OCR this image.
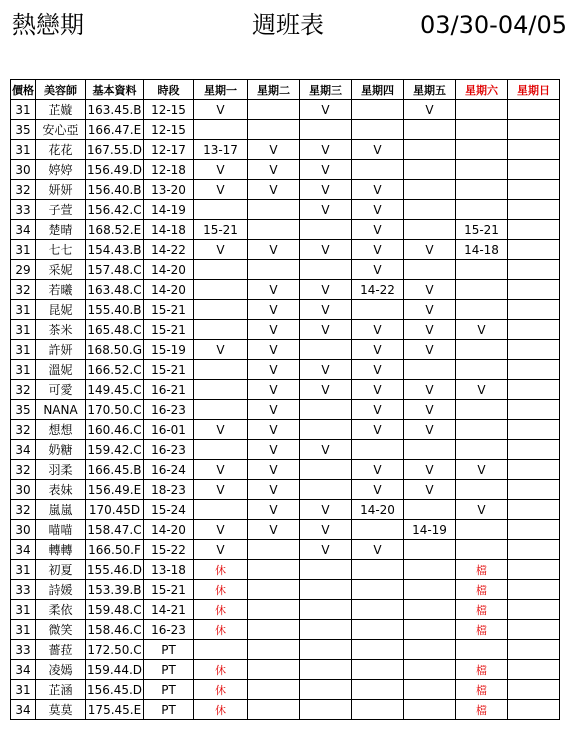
熱戀期	週班表	03/30-04/05
價格	美容師	基本資料	時段	星期一	星期二	星期三	星期四	星期五	星期六	星期日
31	芷嫙	163.45.B	12-15	V		V		V		
35	安心亞	166.47.E	12-15							
31	花花	167.55.D	12-17	13-17	V	V	V			
30	婷婷	156.49.D	12-18	V	V	V				
32	妍妍	156.40.B	13-20	V	V	V	V			
33	子萱	156.42.C	14-19			V	V			
34	楚晴	168.52.E	14-18	15-21			V		15-21	
31	七七	154.43.B	14-22	V	V	V	V	V	14-18	
29	采妮	157.48.C	14-20				V			
32	若曦	163.48.C	14-20		V	V	14-22	V		
31	昆妮	155.40.B	15-21		V	V		V		
31	茶米	165.48.C	15-21		V	V	V	V	V	
31	許妍	168.50.G	15-19	V	V		V	V		
31	溫妮	166.52.C	15-21		V	V	V			
32	可愛	149.45.C	16-21		V	V	V	V	V	
35	NANA	170.50.C	16-23		V		V	V		
32	想想	160.46.C	16-01	V	V		V	V		
34	奶糖	159.42.C	16-23		V	V				
32	羽柔	166.45.B	16-24	V	V		V	V	V	
30	表妹	156.49.E	18-23	V	V		V	V		
32	嵐嵐	170.45D	15-24		V	V	14-20		V	
30	喵喵	158.47.C	14-20	V	V	V		14-19		
34	轉轉	166.50.F	15-22	V		V	V			
31	初夏	155.46.D	13-18	休					檔	
33	詩媛	153.39.B	15-21	休					檔	
31	柔依	159.48.C	14-21	休					檔	
31	微笑	158.46.C	16-23	休					檔	
33	薔菈	172.50.C	PT							
34	凌嫣	159.44.D	PT	休					檔	
31	芷涵	156.45.D	PT	休					檔	
34	莫莫	175.45.E	PT	休					檔	
